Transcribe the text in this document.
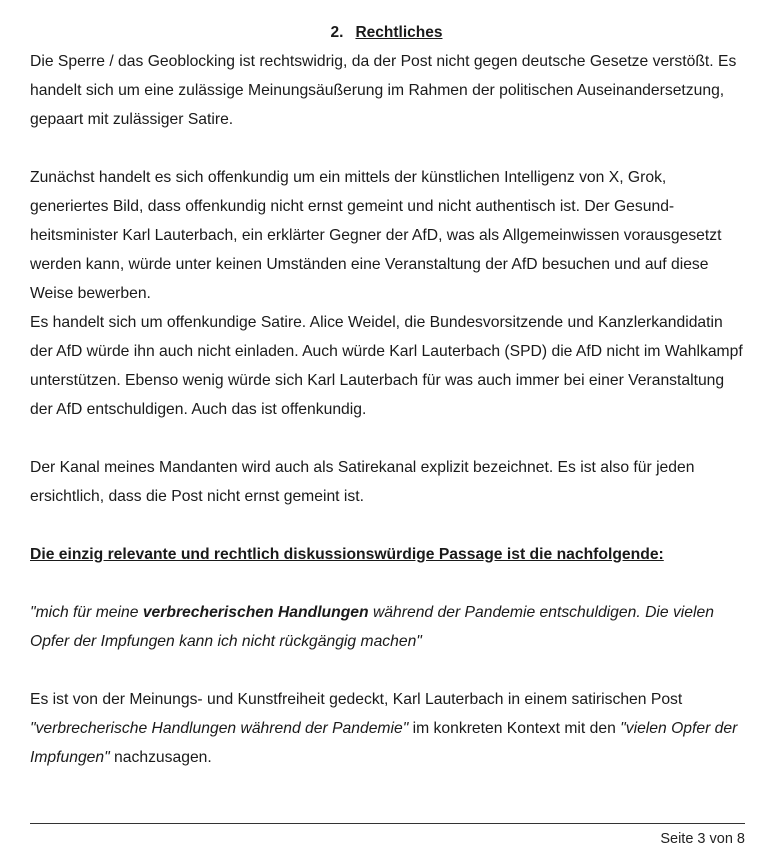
2. Rechtliches

Die Sperre / das Geoblocking ist rechtswidrig, da der Post nicht gegen deutsche Gesetze verstößt. Es handelt sich um eine zulässige Meinungsäußerung im Rahmen der politischen Auseinandersetzung, gepaart mit zulässiger Satire.

Zunächst handelt es sich offenkundig um ein mittels der künstlichen Intelligenz von X, Grok, generiertes Bild, dass offenkundig nicht ernst gemeint und nicht authentisch ist. Der Gesundheitsminister Karl Lauterbach, ein erklärter Gegner der AfD, was als Allgemeinwissen vorausgesetzt werden kann, würde unter keinen Umständen eine Veranstaltung der AfD besuchen und auf diese Weise bewerben.

Es handelt sich um offenkundige Satire. Alice Weidel, die Bundesvorsitzende und Kanzlerkandidatin der AfD würde ihn auch nicht einladen. Auch würde Karl Lauterbach (SPD) die AfD nicht im Wahlkampf unterstützen. Ebenso wenig würde sich Karl Lauterbach für was auch immer bei einer Veranstaltung der AfD entschuldigen. Auch das ist offenkundig.

Der Kanal meines Mandanten wird auch als Satirekanal explizit bezeichnet. Es ist also für jeden ersichtlich, dass die Post nicht ernst gemeint ist.

Die einzig relevante und rechtlich diskussionswürdige Passage ist die nachfolgende:

"mich für meine verbrecherischen Handlungen während der Pandemie entschuldigen. Die vielen Opfer der Impfungen kann ich nicht rückgängig machen"

Es ist von der Meinungs- und Kunstfreiheit gedeckt, Karl Lauterbach in einem satirischen Post "verbrecherische Handlungen während der Pandemie" im konkreten Kontext mit den "vielen Opfer der Impfungen" nachzusagen.

Seite 3 von 8
